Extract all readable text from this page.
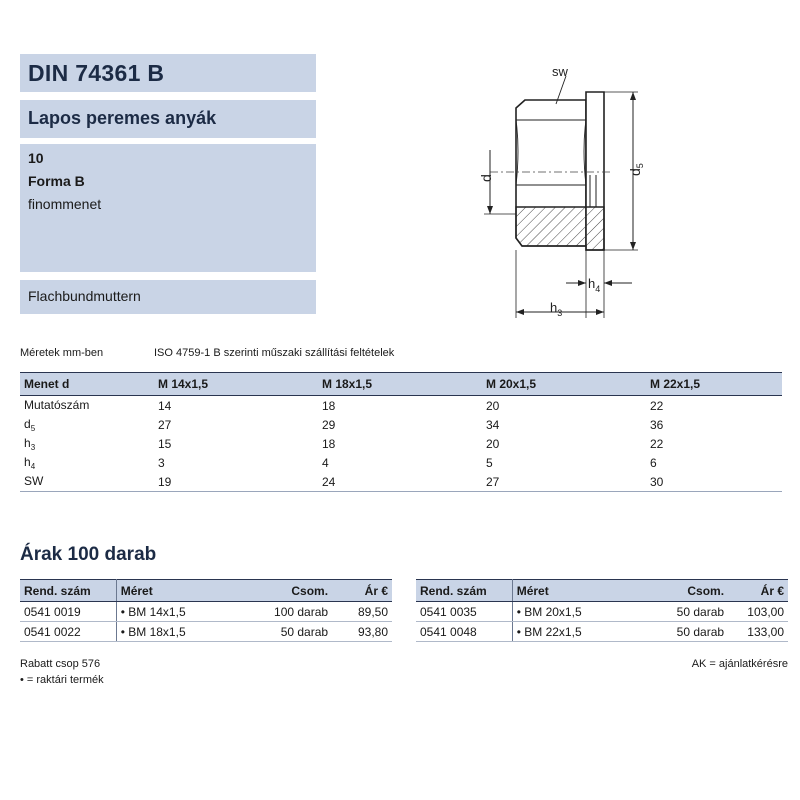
DIN 74361 B
Lapos peremes anyák
10
Forma B
finommenet
Flachbundmuttern
sw
d
$d_5$
$h_4$
$h_3$
Méretek mm-ben	ISO 4759-1 B szerinti műszaki szállítási feltételek
Menet d	M 14x1,5	M 18x1,5	M 20x1,5	M 22x1,5
Mutatószám	14	18	20	22
$d_5$	27	29	34	36
$h_3$	15	18	20	22
$h_4$	3	4	5	6
SW	19	24	27	30
Árak 100 darab
Rend. szám	Méret	Csom.	Ár €
0541 0019	• BM 14x1,5	100 darab	89,50
0541 0022	• BM 18x1,5	50 darab	93,80
Rend. szám	Méret	Csom.	Ár €
0541 0035	• BM 20x1,5	50 darab	103,00
0541 0048	• BM 22x1,5	50 darab	133,00
Rabatt csop 576
• = raktári termék
AK = ajánlatkérésre
